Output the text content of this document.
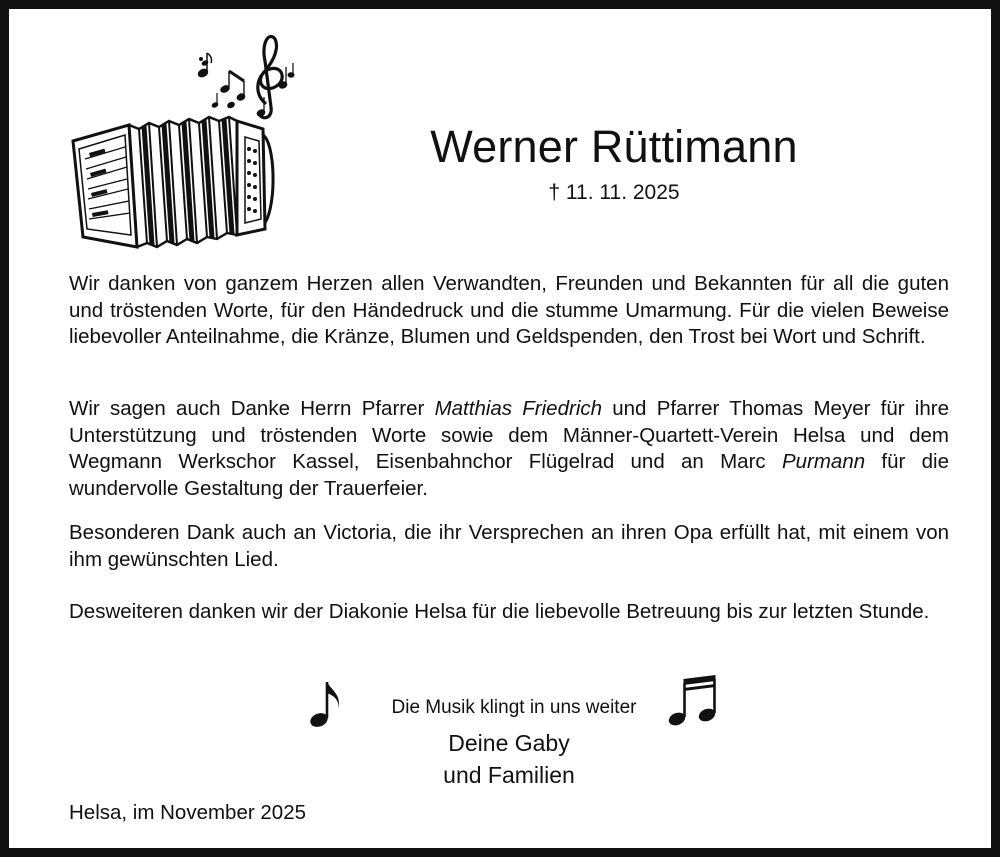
Werner Rüttimann
† 11. 11. 2025

Wir danken von ganzem Herzen allen Verwandten, Freunden und Bekannten für all die guten und tröstenden Worte, für den Händedruck und die stumme Umarmung. Für die vielen Beweise liebevoller Anteilnahme, die Kränze, Blumen und Geldspenden, den Trost bei Wort und Schrift.

Wir sagen auch Danke Herrn Pfarrer Matthias Friedrich und Pfarrer Thomas Meyer für ihre Unterstützung und tröstenden Worte sowie dem Männer-Quartett-Verein Helsa und dem Wegmann Werkschor Kassel, Eisenbahnchor Flügelrad und an Marc Purmann für die wundervolle Gestaltung der Trauerfeier.

Besonderen Dank auch an Victoria, die ihr Versprechen an ihren Opa erfüllt hat, mit einem von ihm gewünschten Lied.

Desweiteren danken wir der Diakonie Helsa für die liebevolle Betreuung bis zur letzten Stunde.

Die Musik klingt in uns weiter
Deine Gaby
und Familien
Helsa, im November 2025
